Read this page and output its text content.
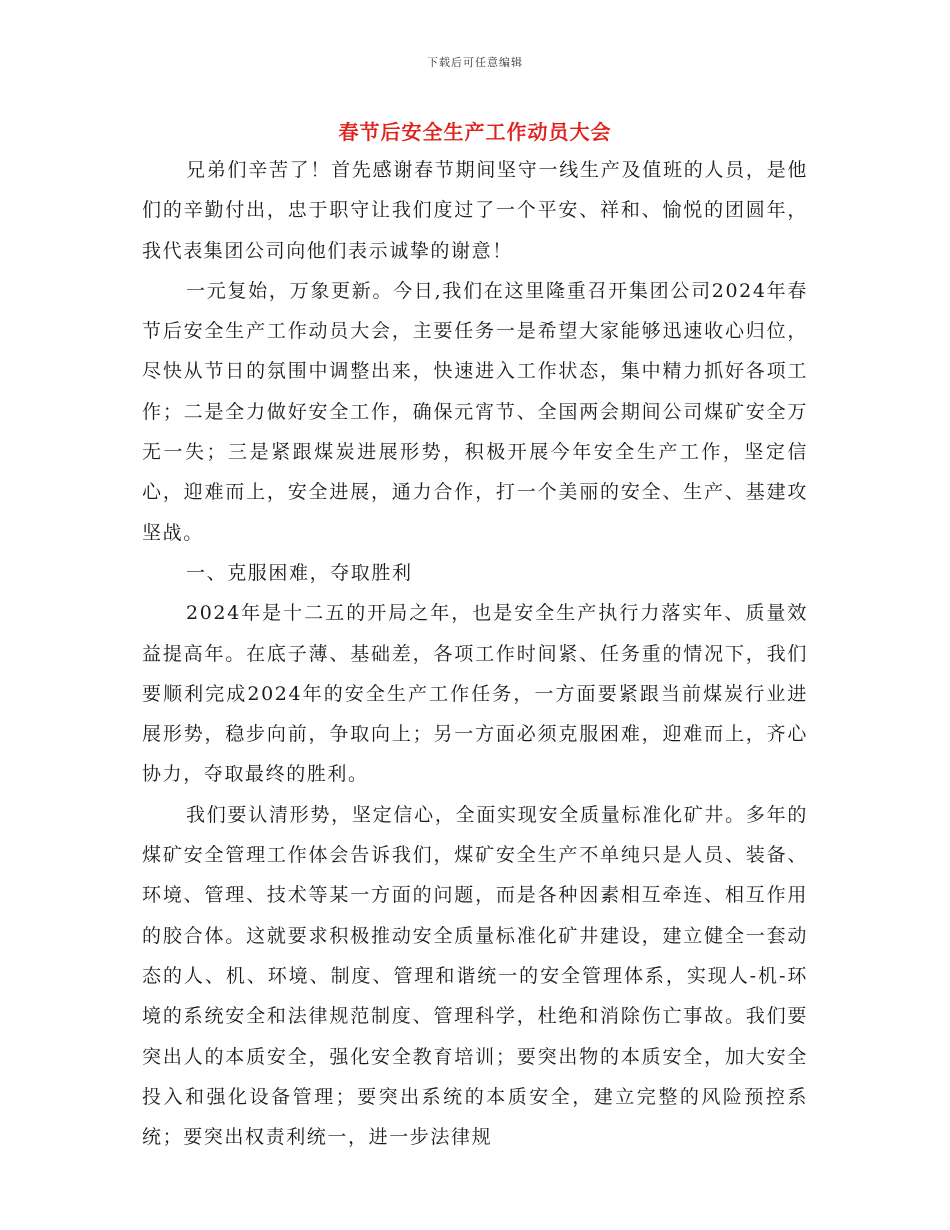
下载后可任意编辑
春节后安全生产工作动员大会

兄弟们辛苦了！首先感谢春节期间坚守一线生产及值班的人员，是他们的辛勤付出，忠于职守让我们度过了一个平安、祥和、愉悦的团圆年，我代表集团公司向他们表示诚挚的谢意！

一元复始，万象更新。今日,我们在这里隆重召开集团公司2024年春节后安全生产工作动员大会，主要任务一是希望大家能够迅速收心归位，尽快从节日的氛围中调整出来，快速进入工作状态，集中精力抓好各项工作；二是全力做好安全工作，确保元宵节、全国两会期间公司煤矿安全万无一失；三是紧跟煤炭进展形势，积极开展今年安全生产工作，坚定信心，迎难而上，安全进展，通力合作，打一个美丽的安全、生产、基建攻坚战。

一、克服困难，夺取胜利

2024年是十二五的开局之年，也是安全生产执行力落实年、质量效益提高年。在底子薄、基础差，各项工作时间紧、任务重的情况下，我们要顺利完成2024年的安全生产工作任务，一方面要紧跟当前煤炭行业进展形势，稳步向前，争取向上；另一方面必须克服困难，迎难而上，齐心协力，夺取最终的胜利。

我们要认清形势，坚定信心，全面实现安全质量标准化矿井。多年的煤矿安全管理工作体会告诉我们，煤矿安全生产不单纯只是人员、装备、环境、管理、技术等某一方面的问题，而是各种因素相互牵连、相互作用的胶合体。这就要求积极推动安全质量标准化矿井建设，建立健全一套动态的人、机、环境、制度、管理和谐统一的安全管理体系，实现人-机-环境的系统安全和法律规范制度、管理科学，杜绝和消除伤亡事故。我们要突出人的本质安全，强化安全教育培训；要突出物的本质安全，加大安全投入和强化设备管理；要突出系统的本质安全，建立完整的风险预控系统；要突出权责利统一，进一步法律规
